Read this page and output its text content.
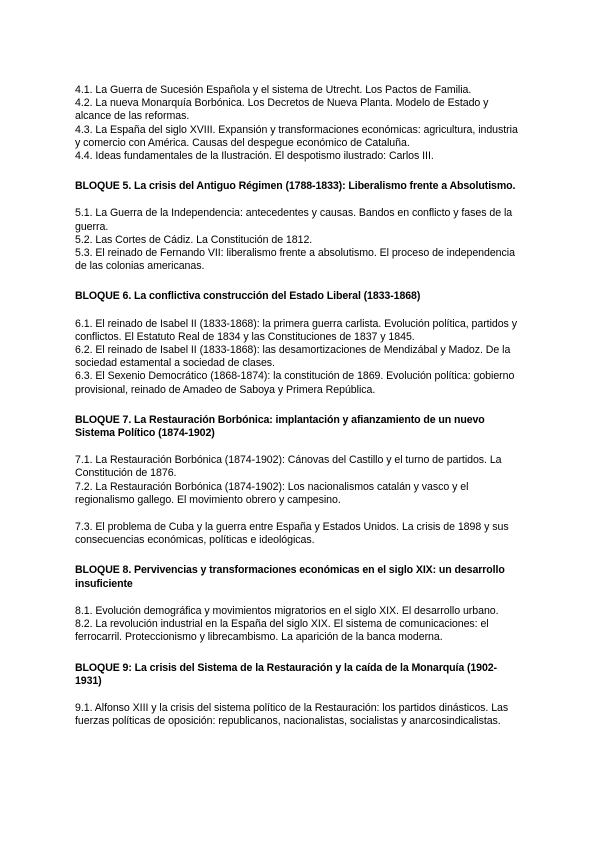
4.1. La Guerra de Sucesión Española y el sistema de Utrecht. Los Pactos de Familia.

4.2. La nueva Monarquía Borbónica. Los Decretos de Nueva Planta. Modelo de Estado y alcance de las reformas.

4.3. La España del siglo XVIII. Expansión y transformaciones económicas: agricultura, industria y comercio con América. Causas del despegue económico de Cataluña.

4.4. Ideas fundamentales de la Ilustración. El despotismo ilustrado: Carlos III.

BLOQUE 5. La crisis del Antiguo Régimen (1788-1833): Liberalismo frente a Absolutismo.

5.1. La Guerra de la Independencia: antecedentes y causas. Bandos en conflicto y fases de la guerra.

5.2. Las Cortes de Cádiz. La Constitución de 1812.

5.3. El reinado de Fernando VII: liberalismo frente a absolutismo. El proceso de independencia de las colonias americanas.

BLOQUE 6. La conflictiva construcción del Estado Liberal (1833-1868)

6.1. El reinado de Isabel II (1833-1868): la primera guerra carlista. Evolución política, partidos y conflictos. El Estatuto Real de 1834 y las Constituciones de 1837 y 1845.

6.2. El reinado de Isabel II (1833-1868): las desamortizaciones de Mendizábal y Madoz. De la sociedad estamental a sociedad de clases.

6.3. El Sexenio Democrático (1868-1874): la constitución de 1869. Evolución política: gobierno provisional, reinado de Amadeo de Saboya y Primera República.

BLOQUE 7. La Restauración Borbónica: implantación y afianzamiento de un nuevo Sistema Político (1874-1902)

7.1. La Restauración Borbónica (1874-1902): Cánovas del Castillo y el turno de partidos. La Constitución de 1876.

7.2. La Restauración Borbónica (1874-1902): Los nacionalismos catalán y vasco y el regionalismo gallego. El movimiento obrero y campesino.

7.3. El problema de Cuba y la guerra entre España y Estados Unidos. La crisis de 1898 y sus consecuencias económicas, políticas e ideológicas.

BLOQUE 8. Pervivencias y transformaciones económicas en el siglo XIX: un desarrollo insuficiente

8.1. Evolución demográfica y movimientos migratorios en el siglo XIX. El desarrollo urbano.

8.2. La revolución industrial en la España del siglo XIX. El sistema de comunicaciones: el ferrocarril. Proteccionismo y librecambismo. La aparición de la banca moderna.

BLOQUE 9: La crisis del Sistema de la Restauración y la caída de la Monarquía (1902- 1931)

9.1. Alfonso XIII y la crisis del sistema político de la Restauración: los partidos dinásticos. Las fuerzas políticas de oposición: republicanos, nacionalistas, socialistas y anarcosindicalistas.
